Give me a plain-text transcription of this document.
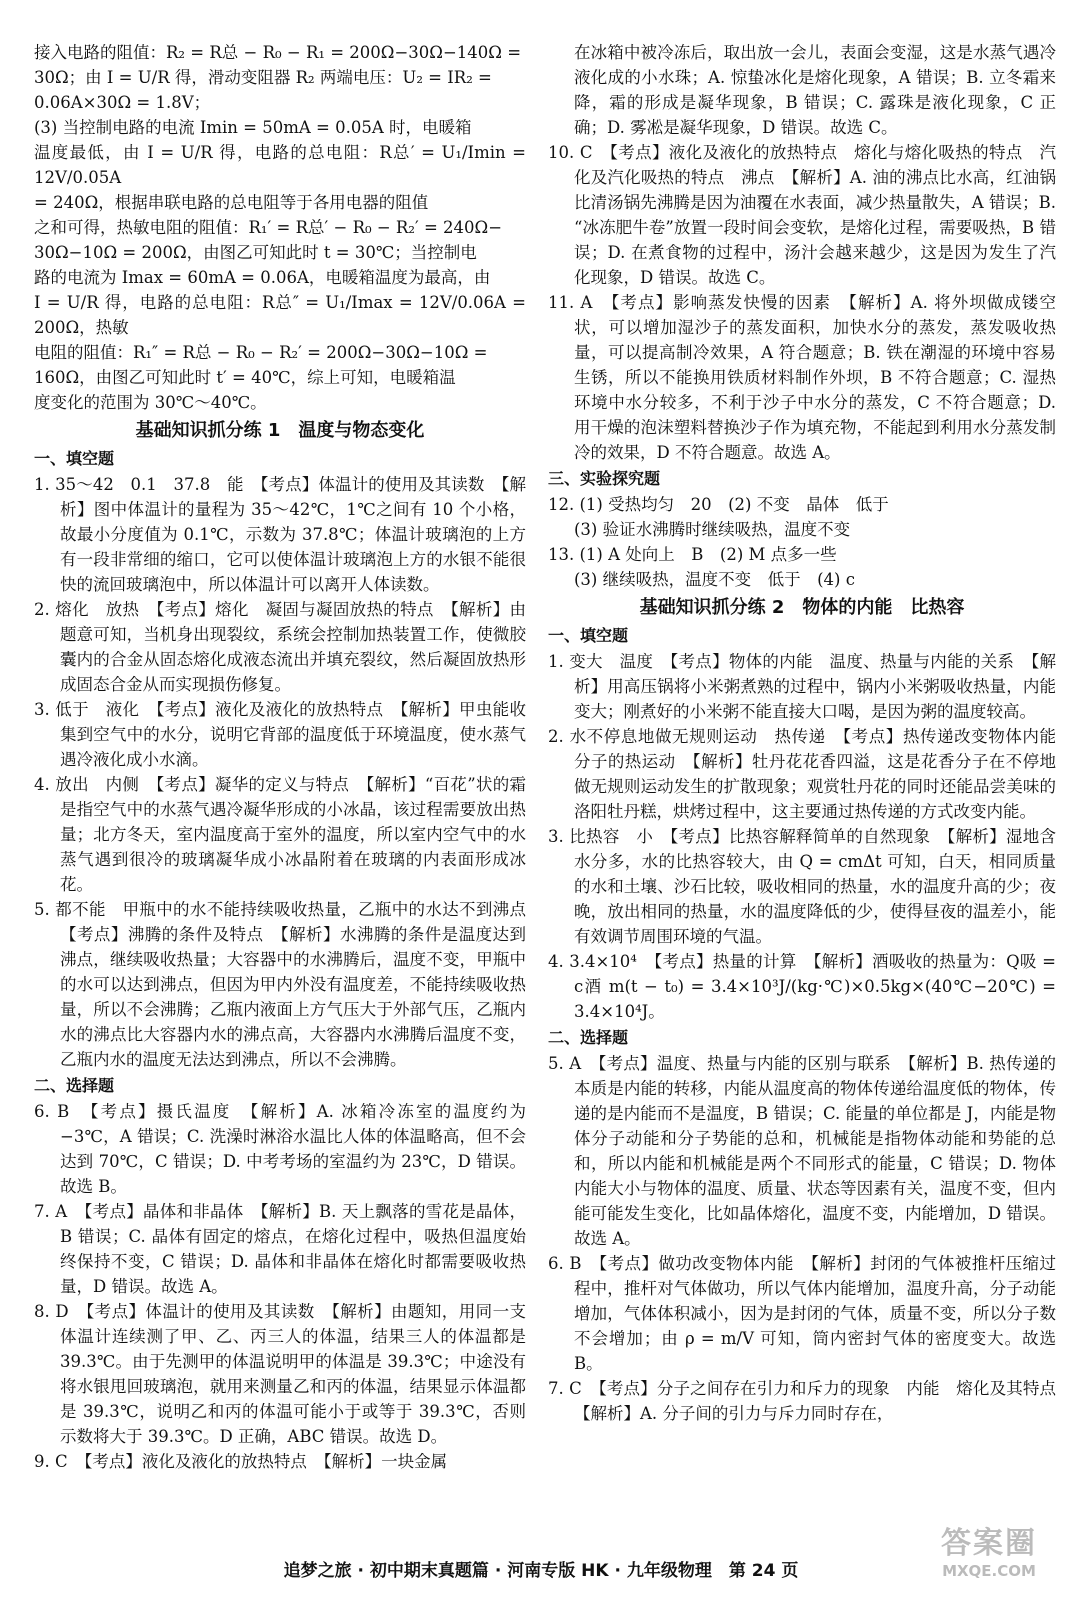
接入电路的阻值：R₂ = R总 − R₀ − R₁ = 200Ω−30Ω−140Ω =

30Ω；由 I = U/R 得，滑动变阻器 R₂ 两端电压：U₂ = IR₂ =

0.06A×30Ω = 1.8V；

(3) 当控制电路的电流 Imin = 50mA = 0.05A 时，电暖箱

温度最低，由 I = U/R 得，电路的总电阻：R总′ = U₁/Imin = 12V/0.05A

= 240Ω，根据串联电路的总电阻等于各用电器的阻值

之和可得，热敏电阻的阻值：R₁′ = R总′ − R₀ − R₂′ = 240Ω−

30Ω−10Ω = 200Ω，由图乙可知此时 t = 30℃；当控制电

路的电流为 Imax = 60mA = 0.06A，电暖箱温度为最高，由

I = U/R 得，电路的总电阻：R总″ = U₁/Imax = 12V/0.06A = 200Ω，热敏

电阻的阻值：R₁″ = R总 − R₀ − R₂′ = 200Ω−30Ω−10Ω =

160Ω，由图乙可知此时 t′ = 40℃，综上可知，电暖箱温

度变化的范围为 30℃～40℃。

基础知识抓分练 1　温度与物态变化
一、填空题

1. 35～42　0.1　37.8　能　【考点】体温计的使用及其读数　【解析】图中体温计的量程为 35～42℃，1℃之间有 10 个小格，故最小分度值为 0.1℃，示数为 37.8℃；体温计玻璃泡的上方有一段非常细的缩口，它可以使体温计玻璃泡上方的水银不能很快的流回玻璃泡中，所以体温计可以离开人体读数。

2. 熔化　放热　【考点】熔化　凝固与凝固放热的特点　【解析】由题意可知，当机身出现裂纹，系统会控制加热装置工作，使微胶囊内的合金从固态熔化成液态流出并填充裂纹，然后凝固放热形成固态合金从而实现损伤修复。

3. 低于　液化　【考点】液化及液化的放热特点　【解析】甲虫能收集到空气中的水分，说明它背部的温度低于环境温度，使水蒸气遇冷液化成小水滴。

4. 放出　内侧　【考点】凝华的定义与特点　【解析】“百花”状的霜是指空气中的水蒸气遇冷凝华形成的小冰晶，该过程需要放出热量；北方冬天，室内温度高于室外的温度，所以室内空气中的水蒸气遇到很冷的玻璃凝华成小冰晶附着在玻璃的内表面形成冰花。

5. 都不能　甲瓶中的水不能持续吸收热量，乙瓶中的水达不到沸点　【考点】沸腾的条件及特点　【解析】水沸腾的条件是温度达到沸点，继续吸收热量；大容器中的水沸腾后，温度不变，甲瓶中的水可以达到沸点，但因为甲内外没有温度差，不能持续吸收热量，所以不会沸腾；乙瓶内液面上方气压大于外部气压，乙瓶内水的沸点比大容器内水的沸点高，大容器内水沸腾后温度不变，乙瓶内水的温度无法达到沸点，所以不会沸腾。

二、选择题

6. B　【考点】摄氏温度　【解析】A. 冰箱冷冻室的温度约为−3℃，A 错误；C. 洗澡时淋浴水温比人体的体温略高，但不会达到 70℃，C 错误；D. 中考考场的室温约为 23℃，D 错误。故选 B。

7. A　【考点】晶体和非晶体　【解析】B. 天上飘落的雪花是晶体，B 错误；C. 晶体有固定的熔点，在熔化过程中，吸热但温度始终保持不变，C 错误；D. 晶体和非晶体在熔化时都需要吸收热量，D 错误。故选 A。

8. D　【考点】体温计的使用及其读数　【解析】由题知，用同一支体温计连续测了甲、乙、丙三人的体温，结果三人的体温都是 39.3℃。由于先测甲的体温说明甲的体温是 39.3℃；中途没有将水银甩回玻璃泡，就用来测量乙和丙的体温，结果显示体温都是 39.3℃，说明乙和丙的体温可能小于或等于 39.3℃，否则示数将大于 39.3℃。D 正确，ABC 错误。故选 D。

9. C　【考点】液化及液化的放热特点　【解析】一块金属

在冰箱中被冷冻后，取出放一会儿，表面会变湿，这是水蒸气遇冷液化成的小水珠；A. 惊蛰冰化是熔化现象，A 错误；B. 立冬霜来降，霜的形成是凝华现象，B 错误；C. 露珠是液化现象，C 正确；D. 雾凇是凝华现象，D 错误。故选 C。

10. C　【考点】液化及液化的放热特点　熔化与熔化吸热的特点　汽化及汽化吸热的特点　沸点　【解析】A. 油的沸点比水高，红油锅比清汤锅先沸腾是因为油覆在水表面，减少热量散失，A 错误；B. “冰冻肥牛卷”放置一段时间会变软，是熔化过程，需要吸热，B 错误；D. 在煮食物的过程中，汤汁会越来越少，这是因为发生了汽化现象，D 错误。故选 C。

11. A　【考点】影响蒸发快慢的因素　【解析】A. 将外坝做成镂空状，可以增加湿沙子的蒸发面积，加快水分的蒸发，蒸发吸收热量，可以提高制冷效果，A 符合题意；B. 铁在潮湿的环境中容易生锈，所以不能换用铁质材料制作外坝，B 不符合题意；C. 湿热环境中水分较多，不利于沙子中水分的蒸发，C 不符合题意；D. 用干燥的泡沫塑料替换沙子作为填充物，不能起到利用水分蒸发制冷的效果，D 不符合题意。故选 A。

三、实验探究题

12. (1) 受热均匀　20　(2) 不变　晶体　低于

(3) 验证水沸腾时继续吸热，温度不变

13. (1) A 处向上　B　(2) M 点多一些

(3) 继续吸热，温度不变　低于　(4) c

基础知识抓分练 2　物体的内能　比热容
一、填空题

1. 变大　温度　【考点】物体的内能　温度、热量与内能的关系　【解析】用高压锅将小米粥煮熟的过程中，锅内小米粥吸收热量，内能变大；刚煮好的小米粥不能直接大口喝，是因为粥的温度较高。

2. 水不停息地做无规则运动　热传递　【考点】热传递改变物体内能　分子的热运动　【解析】牡丹花花香四溢，这是花香分子在不停地做无规则运动发生的扩散现象；观赏牡丹花的同时还能品尝美味的洛阳牡丹糕，烘烤过程中，这主要通过热传递的方式改变内能。

3. 比热容　小　【考点】比热容解释简单的自然现象　【解析】湿地含水分多，水的比热容较大，由 Q = cmΔt 可知，白天，相同质量的水和土壤、沙石比较，吸收相同的热量，水的温度升高的少；夜晚，放出相同的热量，水的温度降低的少，使得昼夜的温差小，能有效调节周围环境的气温。

4. 3.4×10⁴　【考点】热量的计算　【解析】酒吸收的热量为：Q吸 = c酒 m(t − t₀) = 3.4×10³J/(kg·℃)×0.5kg×(40℃−20℃) = 3.4×10⁴J。

二、选择题

5. A　【考点】温度、热量与内能的区别与联系　【解析】B. 热传递的本质是内能的转移，内能从温度高的物体传递给温度低的物体，传递的是内能而不是温度，B 错误；C. 能量的单位都是 J，内能是物体分子动能和分子势能的总和，机械能是指物体动能和势能的总和，所以内能和机械能是两个不同形式的能量，C 错误；D. 物体内能大小与物体的温度、质量、状态等因素有关，温度不变，但内能可能发生变化，比如晶体熔化，温度不变，内能增加，D 错误。故选 A。

6. B　【考点】做功改变物体内能　【解析】封闭的气体被推杆压缩过程中，推杆对气体做功，所以气体内能增加，温度升高，分子动能增加，气体体积减小，因为是封闭的气体，质量不变，所以分子数不会增加；由 ρ = m/V 可知，筒内密封气体的密度变大。故选 B。

7. C　【考点】分子之间存在引力和斥力的现象　内能　熔化及其特点　【解析】A. 分子间的引力与斥力同时存在，

追梦之旅 · 初中期末真题篇 · 河南专版 HK · 九年级物理　第 24 页
答案圈
MXQE.COM
